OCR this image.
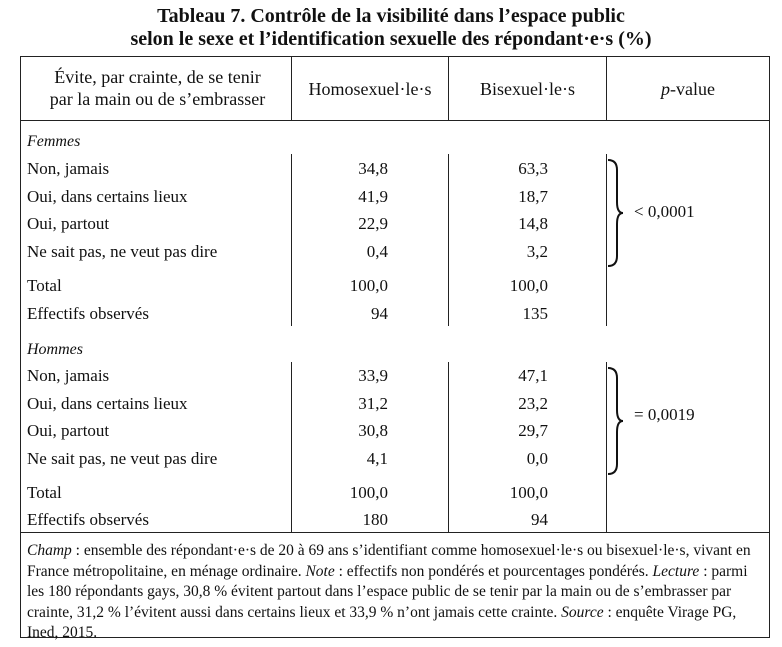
Tableau 7. Contrôle de la visibilité dans l’espace public
selon le sexe et l’identification sexuelle des répondant·e·s (%)
Évite, par crainte, de se tenir
par la main ou de s’embrasser	Homosexuel·le·s	Bisexuel·le·s	p-value
Femmes
Non, jamais	34,8	63,3
Oui, dans certains lieux	41,9	18,7
Oui, partout	22,9	14,8
Ne sait pas, ne veut pas dire	0,4	3,2
Total	100,0	100,0
Effectifs observés	94	135
< 0,0001
Hommes
Non, jamais	33,9	47,1
Oui, dans certains lieux	31,2	23,2
Oui, partout	30,8	29,7
Ne sait pas, ne veut pas dire	4,1	0,0
Total	100,0	100,0
Effectifs observés	180	94
= 0,0019
Champ : ensemble des répondant·e·s de 20 à 69 ans s’identifiant comme homosexuel·le·s ou bisexuel·le·s, vivant en France métropolitaine, en ménage ordinaire. Note : effectifs non pondérés et pourcentages pondérés. Lecture : parmi les 180 répondants gays, 30,8 % évitent partout dans l’espace public de se tenir par la main ou de s’embrasser par crainte, 31,2 % l’évitent aussi dans certains lieux et 33,9 % n’ont jamais cette crainte. Source : enquête Virage PG, Ined, 2015.
